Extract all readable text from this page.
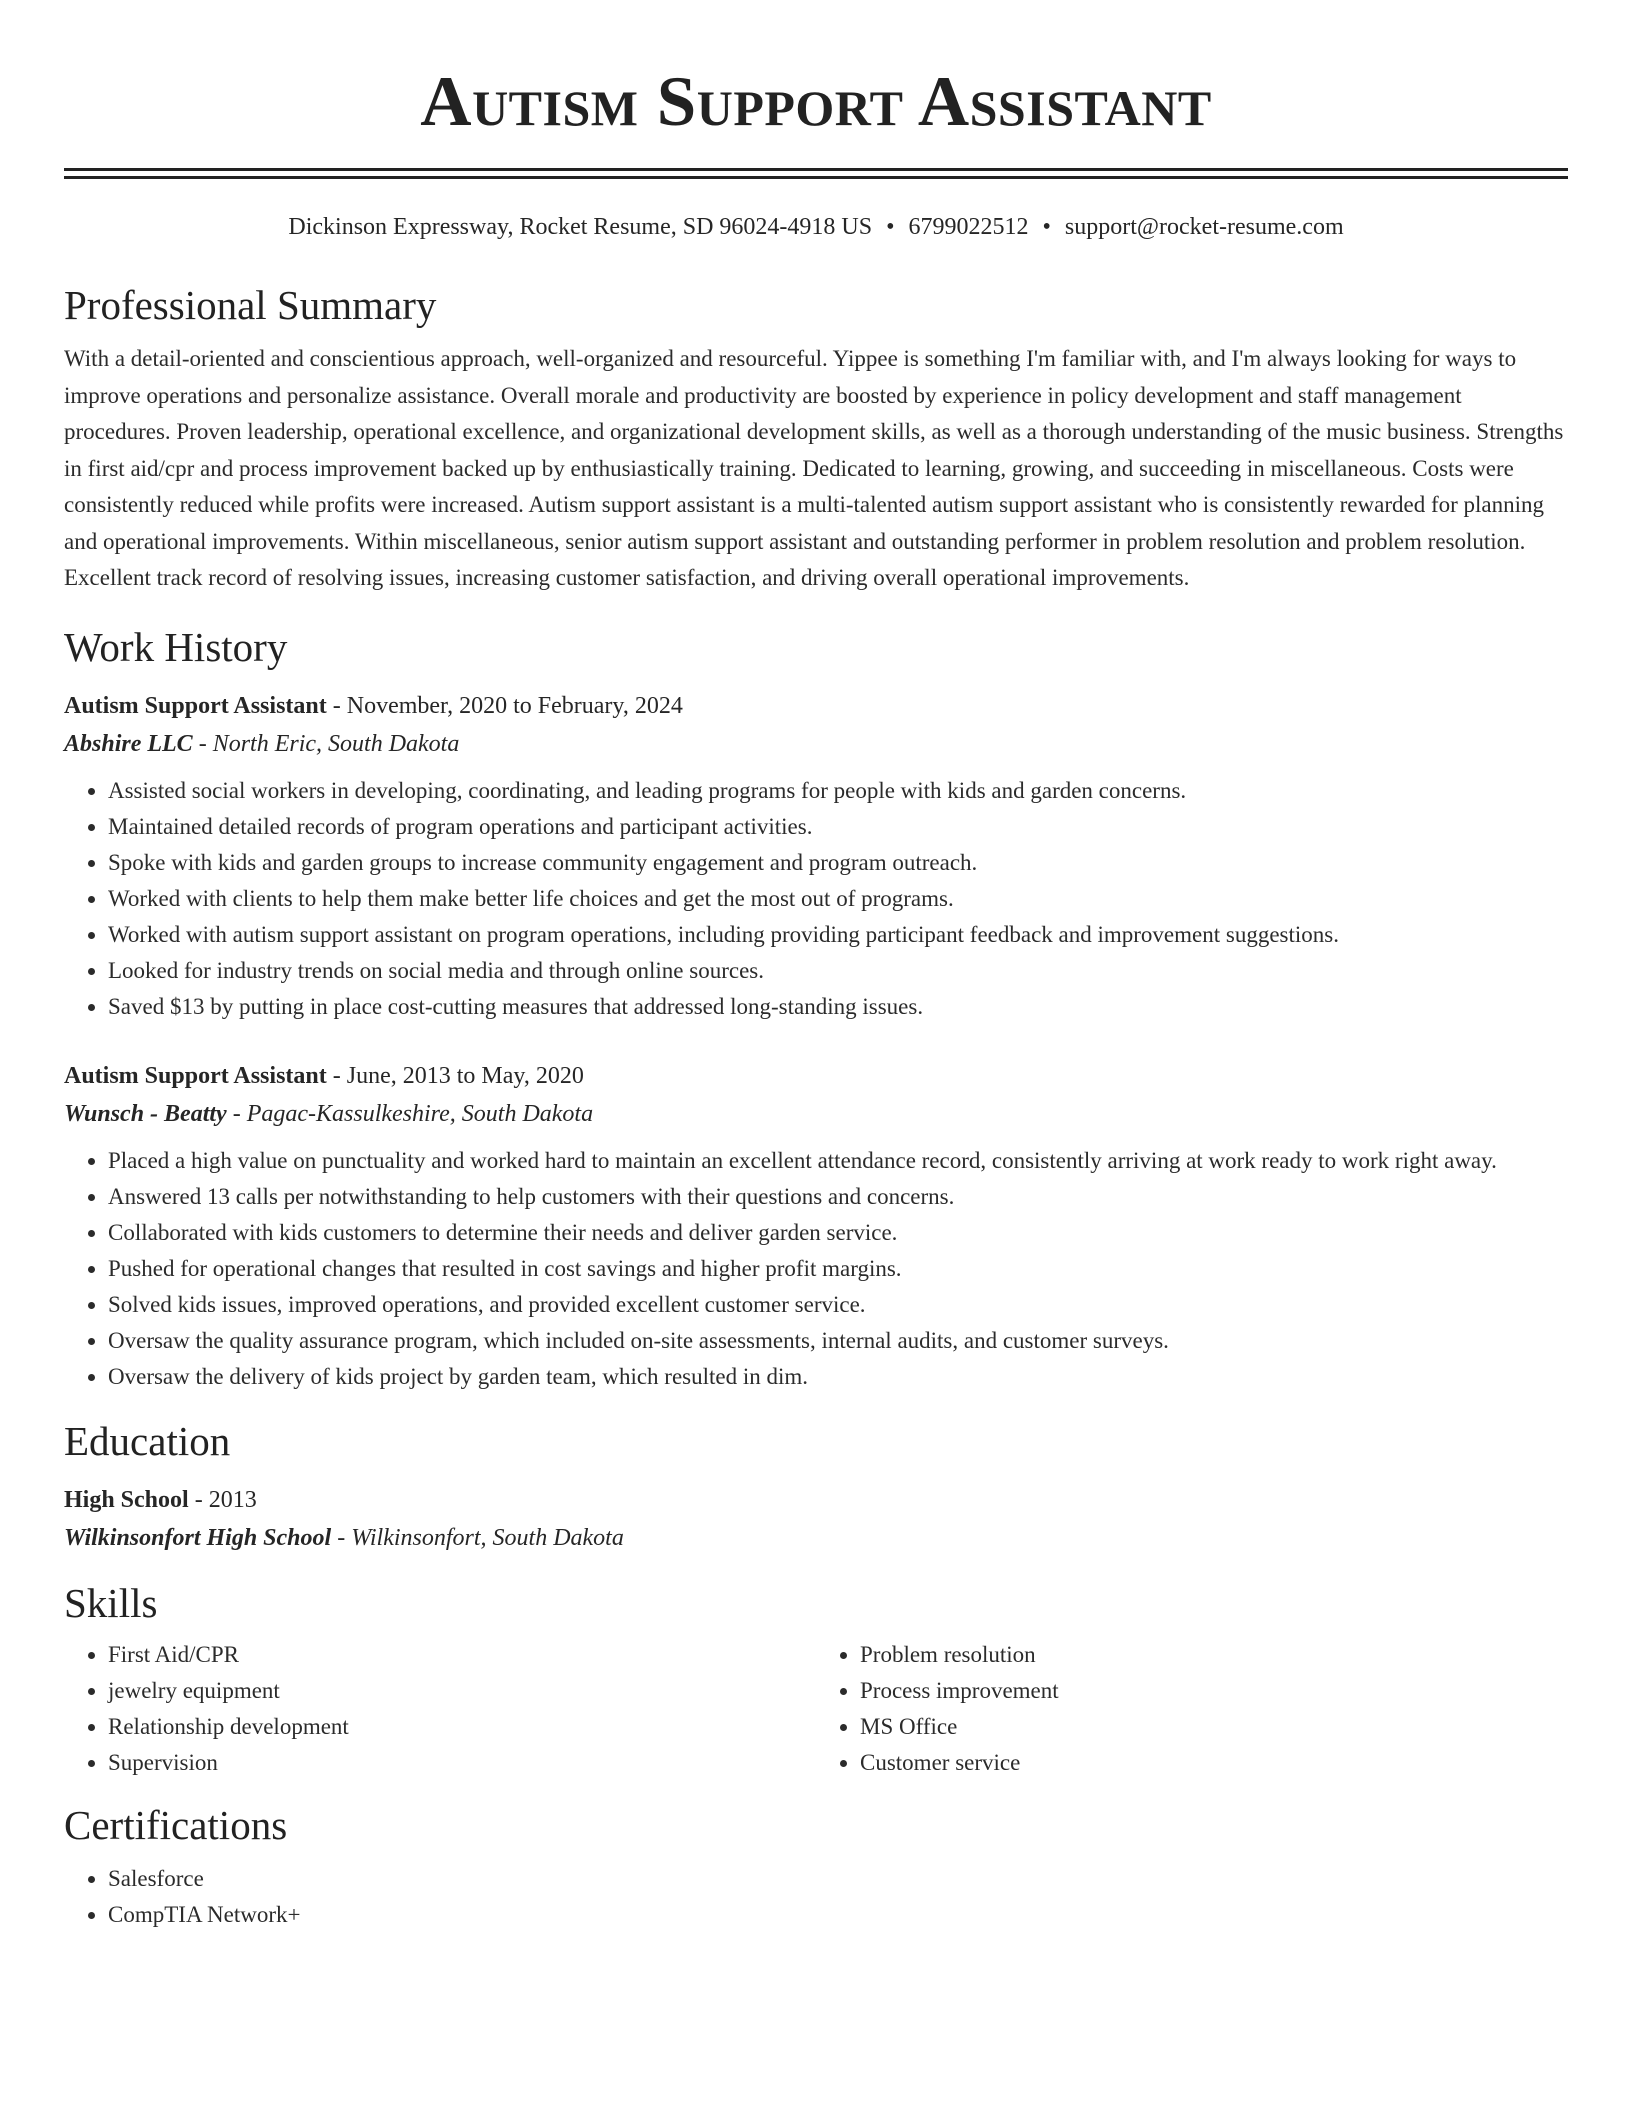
Autism Support Assistant
Dickinson Expressway, Rocket Resume, SD 96024-4918 US • 6799022512 • support@rocket-resume.com
Professional Summary
With a detail-oriented and conscientious approach, well-organized and resourceful. Yippee is something I'm familiar with, and I'm always looking for ways to improve operations and personalize assistance. Overall morale and productivity are boosted by experience in policy development and staff management procedures. Proven leadership, operational excellence, and organizational development skills, as well as a thorough understanding of the music business. Strengths in first aid/cpr and process improvement backed up by enthusiastically training. Dedicated to learning, growing, and succeeding in miscellaneous. Costs were consistently reduced while profits were increased. Autism support assistant is a multi-talented autism support assistant who is consistently rewarded for planning and operational improvements. Within miscellaneous, senior autism support assistant and outstanding performer in problem resolution and problem resolution. Excellent track record of resolving issues, increasing customer satisfaction, and driving overall operational improvements.
Work History
Autism Support Assistant - November, 2020 to February, 2024
Abshire LLC - North Eric, South Dakota
• Assisted social workers in developing, coordinating, and leading programs for people with kids and garden concerns.
• Maintained detailed records of program operations and participant activities.
• Spoke with kids and garden groups to increase community engagement and program outreach.
• Worked with clients to help them make better life choices and get the most out of programs.
• Worked with autism support assistant on program operations, including providing participant feedback and improvement suggestions.
• Looked for industry trends on social media and through online sources.
• Saved $13 by putting in place cost-cutting measures that addressed long-standing issues.
Autism Support Assistant - June, 2013 to May, 2020
Wunsch - Beatty - Pagac-Kassulkeshire, South Dakota
• Placed a high value on punctuality and worked hard to maintain an excellent attendance record, consistently arriving at work ready to work right away.
• Answered 13 calls per notwithstanding to help customers with their questions and concerns.
• Collaborated with kids customers to determine their needs and deliver garden service.
• Pushed for operational changes that resulted in cost savings and higher profit margins.
• Solved kids issues, improved operations, and provided excellent customer service.
• Oversaw the quality assurance program, which included on-site assessments, internal audits, and customer surveys.
• Oversaw the delivery of kids project by garden team, which resulted in dim.
Education
High School - 2013
Wilkinsonfort High School - Wilkinsonfort, South Dakota
Skills
• First Aid/CPR
• jewelry equipment
• Relationship development
• Supervision
• Problem resolution
• Process improvement
• MS Office
• Customer service
Certifications
• Salesforce
• CompTIA Network+
